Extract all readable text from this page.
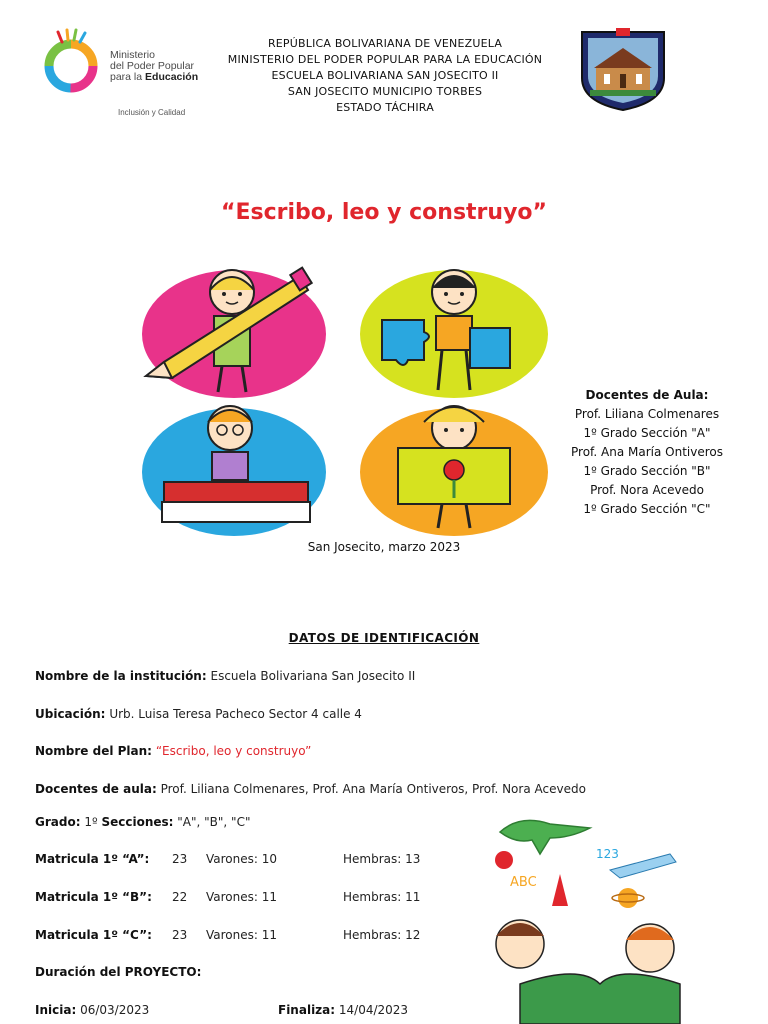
Ministerio
del Poder Popular
para la Educación
Inclusión y Calidad
REPÚBLICA BOLIVARIANA DE VENEZUELA
MINISTERIO DEL PODER POPULAR PARA LA EDUCACIÓN
ESCUELA BOLIVARIANA SAN JOSECITO II
SAN JOSECITO MUNICIPIO TORBES
ESTADO TÁCHIRA
“Escribo, leo y construyo”
Docentes de Aula:
Prof. Liliana Colmenares
1º Grado Sección "A"
Prof. Ana María Ontiveros
1º Grado Sección "B"
Prof. Nora Acevedo
1º Grado Sección "C"
San Josecito, marzo 2023
DATOS DE IDENTIFICACIÓN
Nombre de la institución: Escuela Bolivariana San Josecito II
Ubicación: Urb. Luisa Teresa Pacheco Sector 4 calle 4
Nombre del Plan: “Escribo, leo y construyo”
Docentes de aula: Prof. Liliana Colmenares, Prof. Ana María Ontiveros, Prof. Nora Acevedo
Grado: 1º Secciones: "A", "B", "C"
Matricula 1º “A”: 23 Varones: 10	Hembras: 13
Matricula 1º “B”: 22 Varones: 11	Hembras: 11
Matricula 1º “C”: 23 Varones: 11	Hembras: 12
Duración del PROYECTO:
Inicia: 06/03/2023	Finaliza: 14/04/2023
123
ABC
